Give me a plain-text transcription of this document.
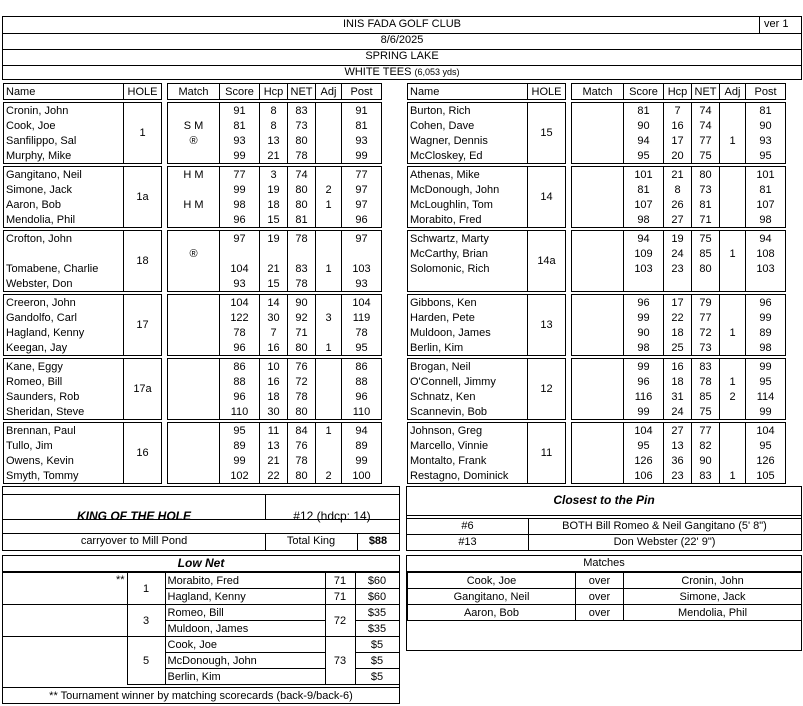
INIS FADA GOLF CLUB	ver 1
8/6/2025
SPRING LAKE
WHITE TEES (6,053 yds)
Name	HOLE		Match	Score	Hcp	NET	Adj	Post

Cronin, John	1			91	8	83		91
Cook, Joe			S M	81	8	73		81
Sanfilippo, Sal			®	93	13	80		93
Murphy, Mike				99	21	78		99

Gangitano, Neil	1a		H M	77	3	74		77
Simone, Jack				99	19	80	2	97
Aaron, Bob			H M	98	18	80	1	97
Mendolia, Phil				96	15	81		96

Crofton, John	18			97	19	78		97
			®					
Tomabene, Charlie				104	21	83	1	103
Webster, Don				93	15	78		93

Creeron, John	17			104	14	90		104
Gandolfo, Carl				122	30	92	3	119
Hagland, Kenny				78	7	71		78
Keegan, Jay				96	16	80	1	95

Kane, Eggy	17a			86	10	76		86
Romeo, Bill				88	16	72		88
Saunders, Rob				96	18	78		96
Sheridan, Steve				110	30	80		110

Brennan, Paul	16			95	11	84	1	94
Tullo, Jim				89	13	76		89
Owens, Kevin				99	21	78		99
Smyth, Tommy				102	22	80	2	100
Name	HOLE		Match	Score	Hcp	NET	Adj	Post

Burton, Rich	15			81	7	74		81
Cohen, Dave				90	16	74		90
Wagner, Dennis				94	17	77	1	93
McCloskey, Ed				95	20	75		95

Athenas, Mike	14			101	21	80		101
McDonough, John				81	8	73		81
McLoughlin, Tom				107	26	81		107
Morabito, Fred				98	27	71		98

Schwartz, Marty	14a			94	19	75		94
McCarthy, Brian				109	24	85	1	108
Solomonic, Rich				103	23	80		103

Gibbons, Ken	13			96	17	79		96
Harden, Pete				99	22	77		99
Muldoon, James				90	18	72	1	89
Berlin, Kim				98	25	73		98

Brogan, Neil	12			99	16	83		99
O'Connell, Jimmy				96	18	78	1	95
Schnatz, Ken				116	31	85	2	114
Scannevin, Bob				99	24	75		99

Johnson, Greg	11			104	27	77		104
Marcello, Vinnie				95	13	82		95
Montalto, Frank				126	36	90		126
Restagno, Dominick				106	23	83	1	105
KING OF THE HOLE	#12 (hdcp: 14)
carryover to Mill Pond	Total King	$88
Closest to the Pin
#6	BOTH Bill Romeo & Neil Gangitano (5' 8")
#13	Don Webster (22' 9")
Low Net
**	1	Morabito, Fred	71	$60
		Hagland, Kenny	71	$60
	3	Romeo, Bill	72	$35
		Muldoon, James		$35
	5	Cook, Joe	73	$5
		McDonough, John		$5
		Berlin, Kim		$5
** Tournament winner by matching scorecards (back-9/back-6)
Matches
Cook, Joe	over	Cronin, John
Gangitano, Neil	over	Simone, Jack
Aaron, Bob	over	Mendolia, Phil
